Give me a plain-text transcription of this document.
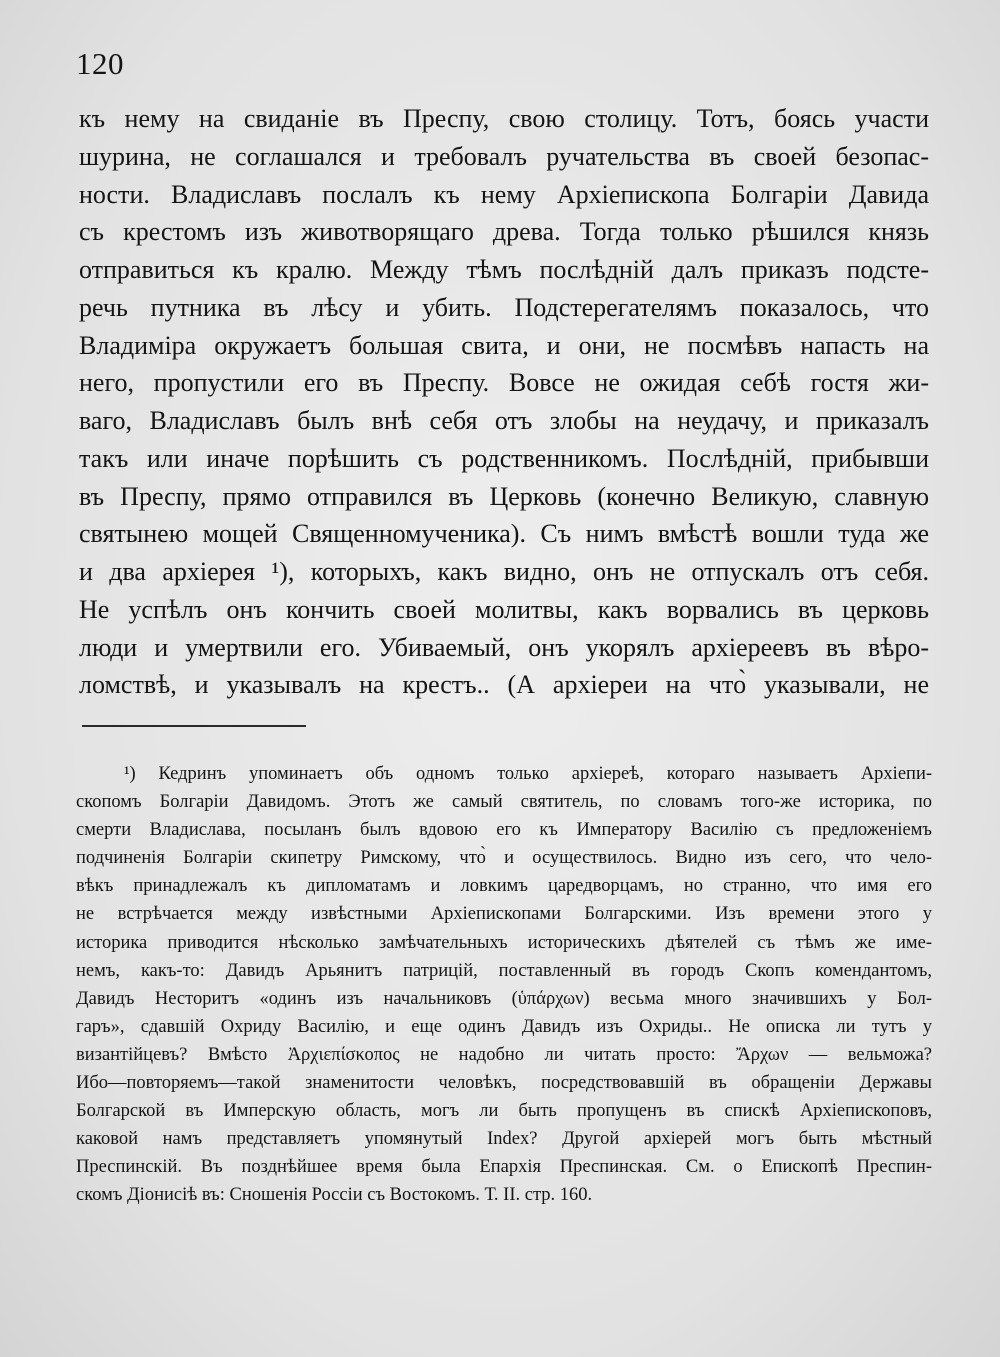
120
къ нему на свиданіе въ Преспу, свою столицу. Тотъ, боясь участи
шурина, не соглашался и требовалъ ручательства въ своей безопас-
ности. Владиславъ послалъ къ нему Архіепископа Болгаріи Давида
съ крестомъ изъ животворящаго древа. Тогда только рѣшился князь
отправиться къ кралю. Между тѣмъ послѣдній далъ приказъ подсте-
речь путника въ лѣсу и убить. Подстерегателямъ показалось, что
Владиміра окружаетъ большая свита, и они, не посмѣвъ напасть на
него, пропустили его въ Преспу. Вовсе не ожидая себѣ гостя жи-
ваго, Владиславъ былъ внѣ себя отъ злобы на неудачу, и приказалъ
такъ или иначе порѣшить съ родственникомъ. Послѣдній, прибывши
въ Преспу, прямо отправился въ Церковь (конечно Великую, славную
святынею мощей Священномученика). Съ нимъ вмѣстѣ вошли туда же
и два архіерея ¹), которыхъ, какъ видно, онъ не отпускалъ отъ себя.
Не успѣлъ онъ кончить своей молитвы, какъ ворвались въ церковь
люди и умертвили его. Убиваемый, онъ укорялъ архіереевъ въ вѣро-
ломствѣ, и указывалъ на крестъ.. (А архіереи на что̀ указывали, не
¹) Кедринъ упоминаетъ объ одномъ только архіереѣ, котораго называетъ Архіепи-
скопомъ Болгаріи Давидомъ. Этотъ же самый святитель, по словамъ того-же историка, по
смерти Владислава, посыланъ былъ вдовою его къ Императору Василію съ предложеніемъ
подчиненія Болгаріи скипетру Римскому, что̀ и осуществилось. Видно изъ сего, что чело-
вѣкъ принадлежалъ къ дипломатамъ и ловкимъ царедворцамъ, но странно, что имя его
не встрѣчается между извѣстными Архіепископами Болгарскими. Изъ времени этого у
историка приводится нѣсколько замѣчательныхъ историческихъ дѣятелей съ тѣмъ же име-
немъ, какъ-то: Давидъ Арьянитъ патрицій, поставленный въ городъ Скопъ комендантомъ,
Давидъ Несторитъ «одинъ изъ начальниковъ (ὑπάρχων) весьма много значившихъ у Бол-
гаръ», сдавшій Охриду Василію, и еще одинъ Давидъ изъ Охриды.. Не описка ли тутъ у
византійцевъ? Вмѣсто Ἀρχιεπίσκοπος не надобно ли читать просто: Ἄρχων — вельможа?
Ибо—повторяемъ—такой знаменитости человѣкъ, посредствовавшій въ обращеніи Державы
Болгарской въ Имперскую область, могъ ли быть пропущенъ въ спискѣ Архіепископовъ,
каковой намъ представляетъ упомянутый Index? Другой архіерей могъ быть мѣстный
Преспинскій. Въ позднѣйшее время была Епархія Преспинская. См. о Епископѣ Преспин-
скомъ Діонисіѣ въ: Сношенія Россіи съ Востокомъ. Т. II. стр. 160.
